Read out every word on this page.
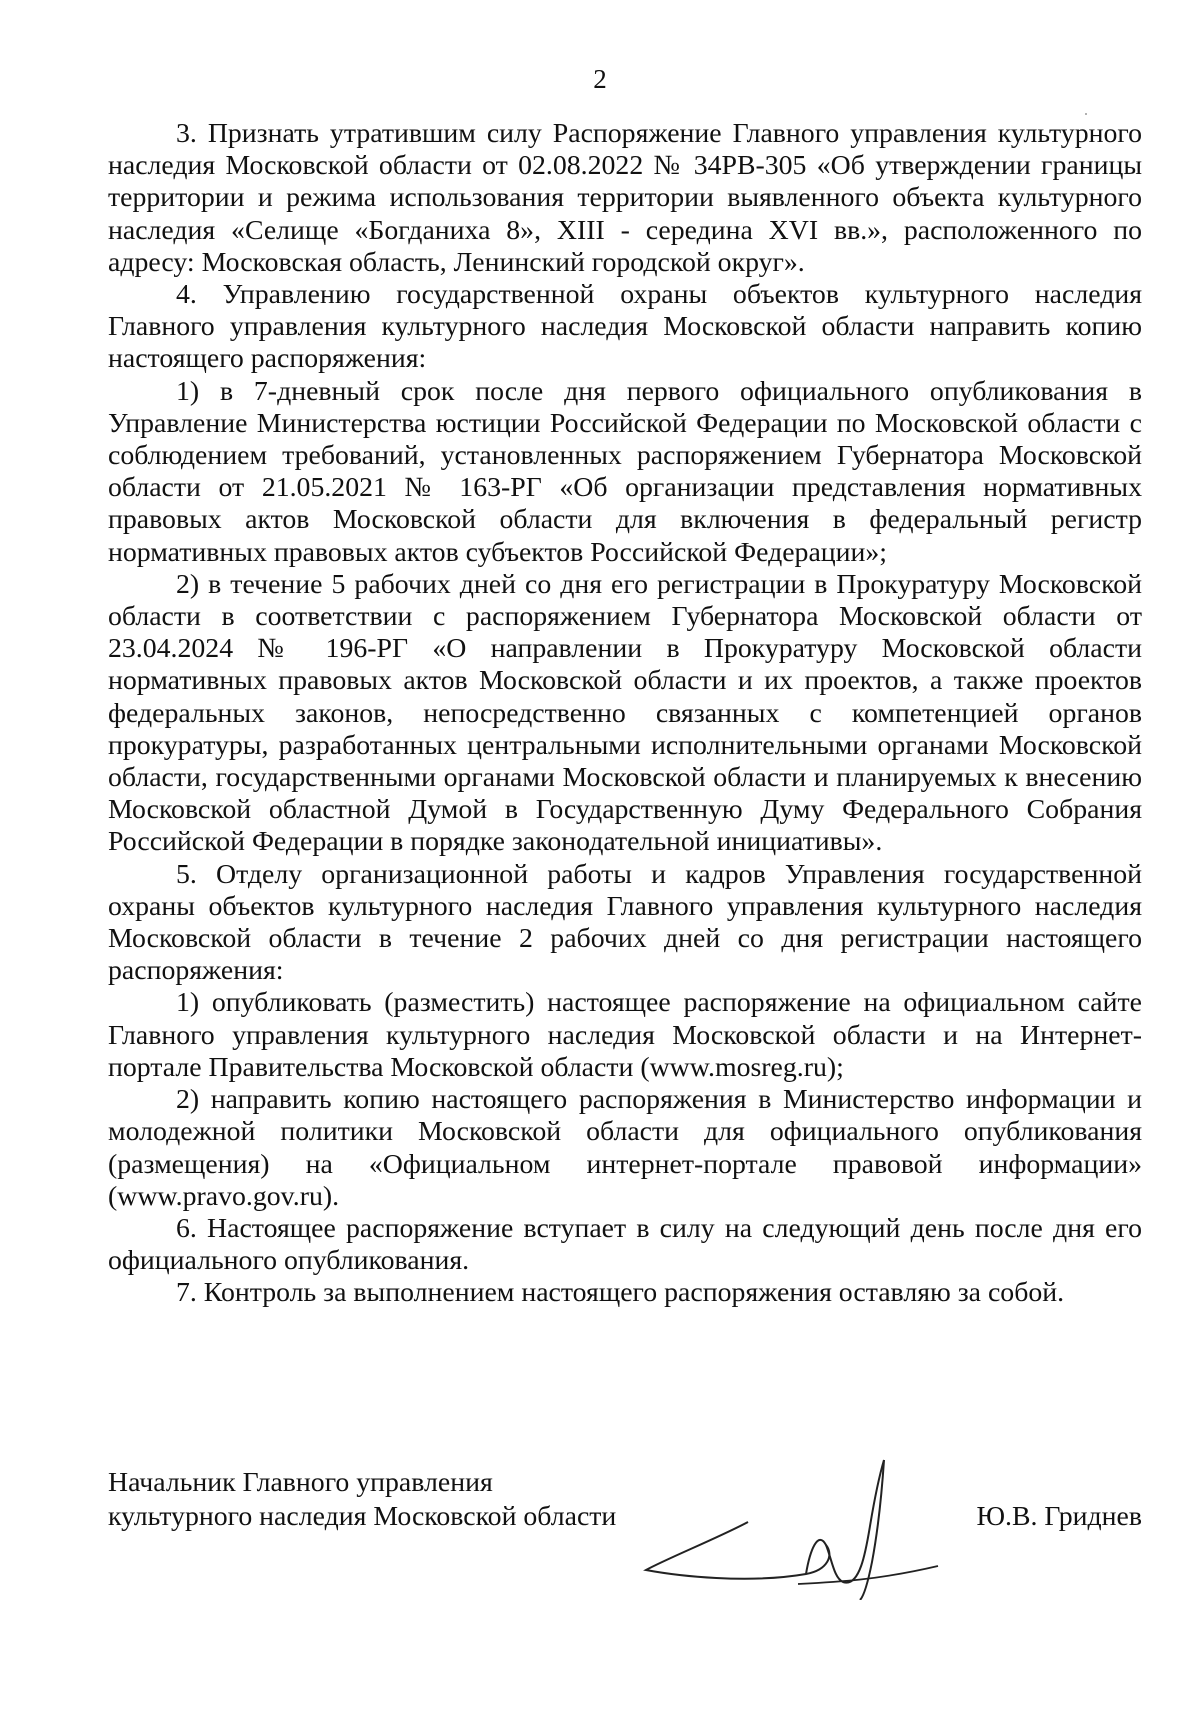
2

3. Признать утратившим силу Распоряжение Главного управления культурного наследия Московской области от 02.08.2022 № 34РВ-305 «Об утверждении границы территории и режима использования территории выявленного объекта культурного наследия «Селище «Богданиха 8», XIII - середина XVI вв.», расположенного по адресу: Московская область, Ленинский городской округ».

4. Управлению государственной охраны объектов культурного наследия Главного управления культурного наследия Московской области направить копию настоящего распоряжения:

1) в 7-дневный срок после дня первого официального опубликования в Управление Министерства юстиции Российской Федерации по Московской области с соблюдением требований, установленных распоряжением Губернатора Московской области от 21.05.2021 № 163-РГ «Об организации представления нормативных правовых актов Московской области для включения в федеральный регистр нормативных правовых актов субъектов Российской Федерации»;

2) в течение 5 рабочих дней со дня его регистрации в Прокуратуру Московской области в соответствии с распоряжением Губернатора Московской области от 23.04.2024 № 196-РГ «О направлении в Прокуратуру Московской области нормативных правовых актов Московской области и их проектов, а также проектов федеральных законов, непосредственно связанных с компетенцией органов прокуратуры, разработанных центральными исполнительными органами Московской области, государственными органами Московской области и планируемых к внесению Московской областной Думой в Государственную Думу Федерального Собрания Российской Федерации в порядке законодательной инициативы».

5. Отделу организационной работы и кадров Управления государственной охраны объектов культурного наследия Главного управления культурного наследия Московской области в течение 2 рабочих дней со дня регистрации настоящего распоряжения:

1) опубликовать (разместить) настоящее распоряжение на официальном сайте Главного управления культурного наследия Московской области и на Интернет-портале Правительства Московской области (www.mosreg.ru);

2) направить копию настоящего распоряжения в Министерство информации и молодежной политики Московской области для официального опубликования (размещения) на «Официальном интернет-портале правовой информации» (www.pravo.gov.ru).

6. Настоящее распоряжение вступает в силу на следующий день после дня его официального опубликования.

7. Контроль за выполнением настоящего распоряжения оставляю за собой.

Начальник Главного управления
культурного наследия Московской области	Ю.В. Гриднев
